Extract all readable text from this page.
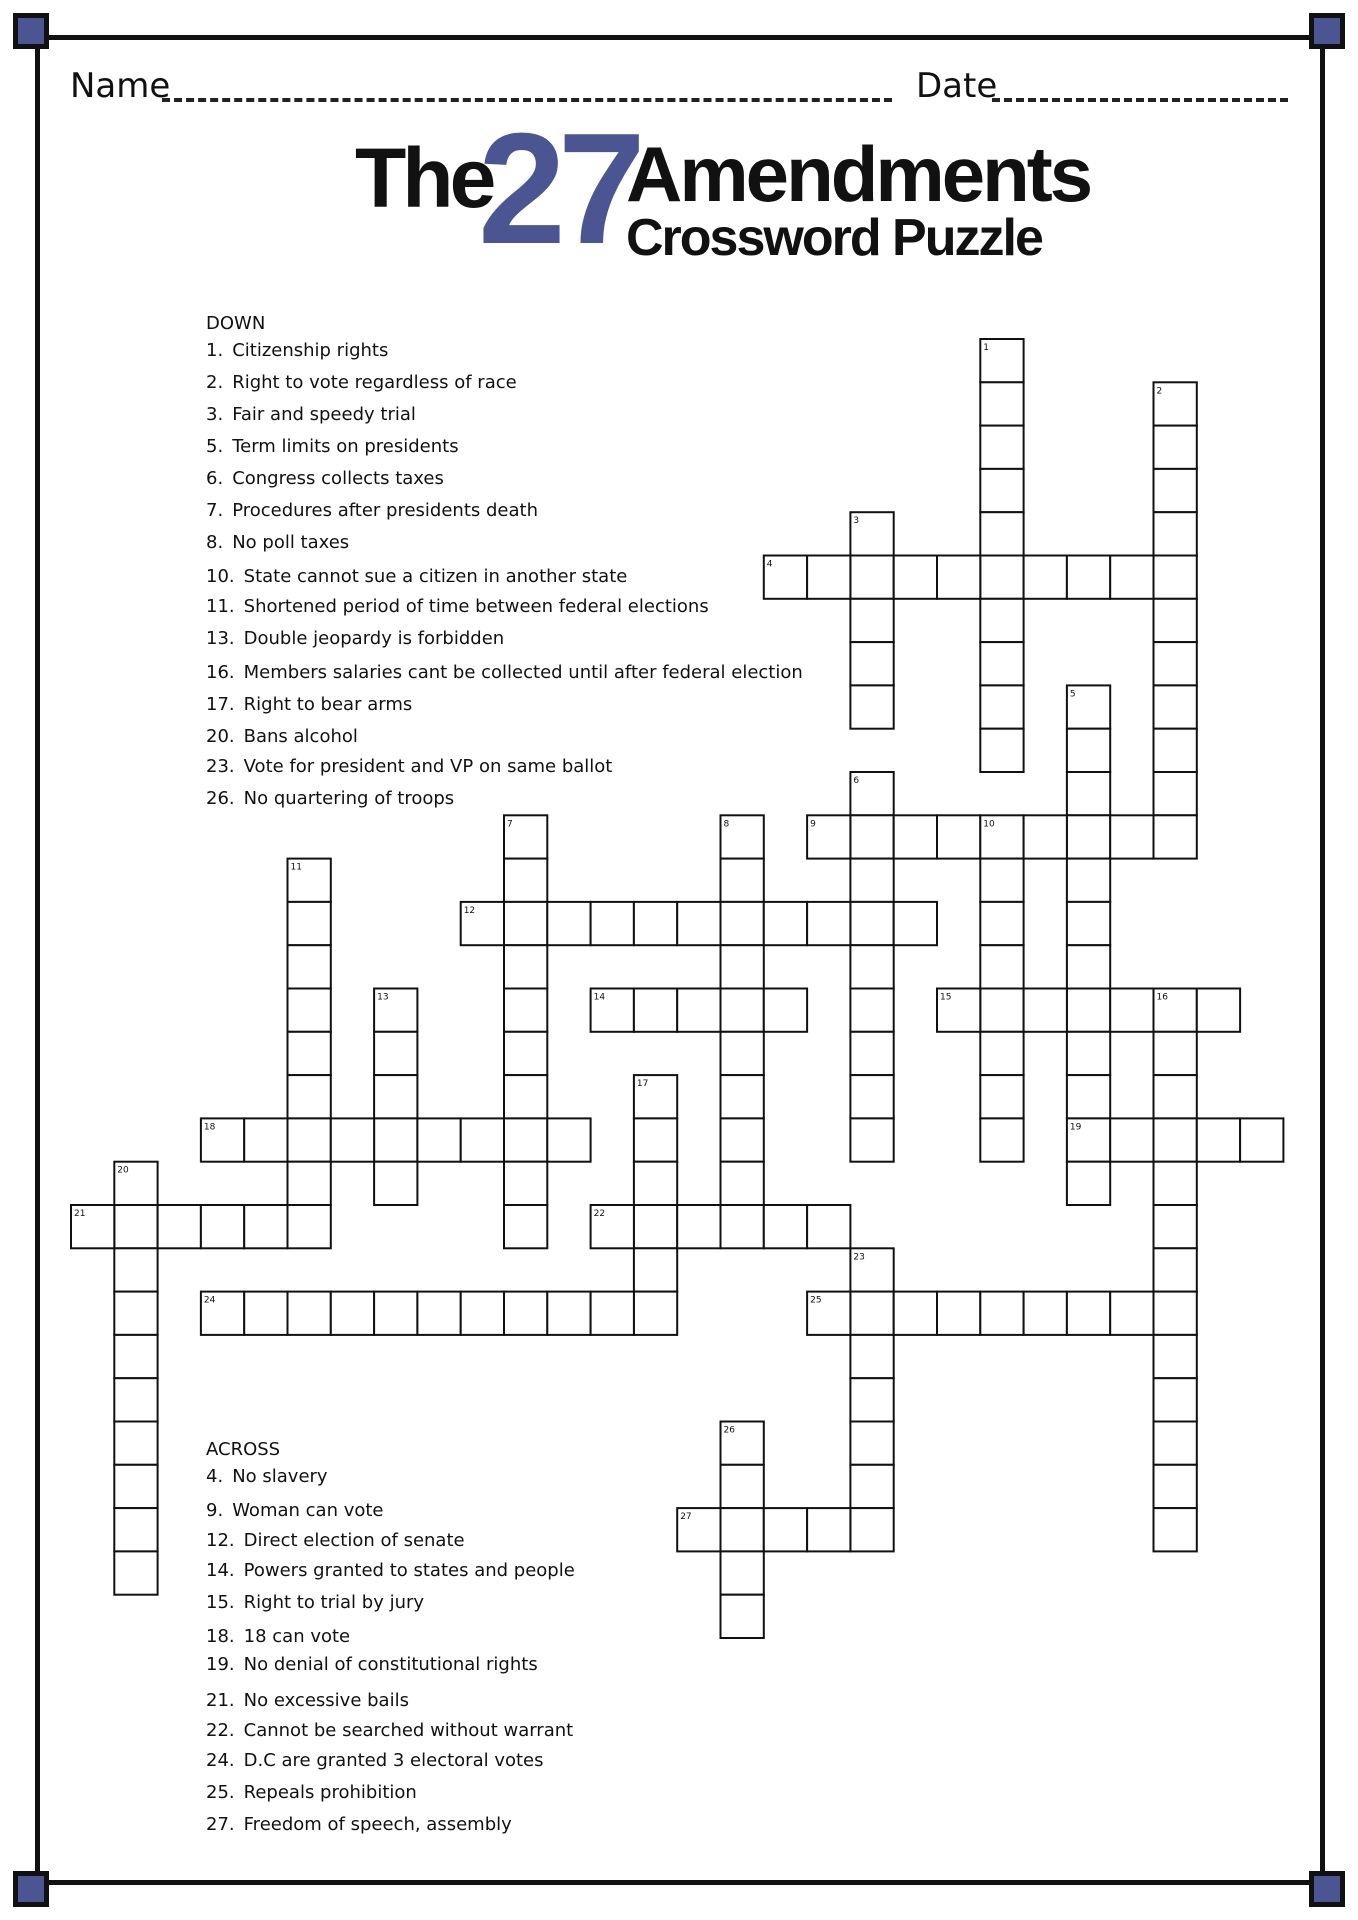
Name	Date
The
27
Amendments
Crossword Puzzle
DOWN
1. Citizenship rights
2. Right to vote regardless of race
3. Fair and speedy trial
5. Term limits on presidents
6. Congress collects taxes
7. Procedures after presidents death
8. No poll taxes
10. State cannot sue a citizen in another state
11. Shortened period of time between federal elections
13. Double jeopardy is forbidden
16. Members salaries cant be collected until after federal election
17. Right to bear arms
20. Bans alcohol
23. Vote for president and VP on same ballot
26. No quartering of troops
ACROSS
4. No slavery
9. Woman can vote
12. Direct election of senate
14. Powers granted to states and people
15. Right to trial by jury
18. 18 can vote
19. No denial of constitutional rights
21. No excessive bails
22. Cannot be searched without warrant
24. D.C are granted 3 electoral votes
25. Repeals prohibition
27. Freedom of speech, assembly
1
2
3
4
5
6
7	8	9	10
11
12
13	14	15	16
17
18	19
20
21	22
23
24	25
26
27
